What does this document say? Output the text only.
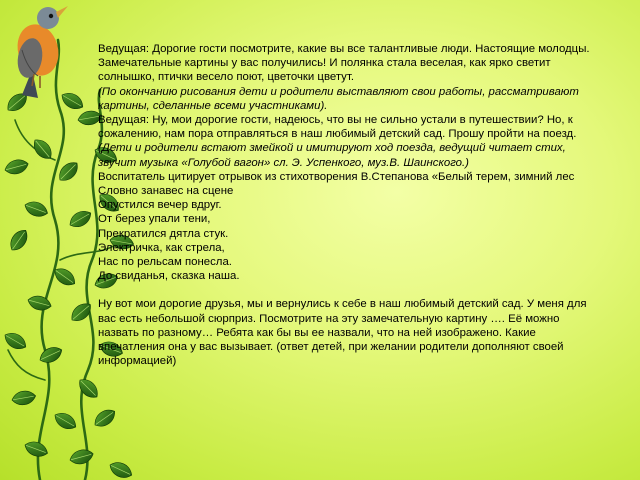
Ведущая: Дорогие гости посмотрите, какие вы все талантливые люди. Настоящие молодцы. Замечательные картины у вас получились! И полянка стала веселая, как ярко светит солнышко, птички весело поют, цветочки цветут.

(По окончанию рисования дети и родители выставляют свои работы, рассматривают картины, сделанные всеми участниками).

Ведущая: Ну, мои дорогие гости, надеюсь, что вы не сильно устали в путешествии? Но, к сожалению, нам пора отправляться в наш любимый детский сад. Прошу пройти на поезд.

(Дети и родители встают змейкой и имитируют ход поезда, ведущий читает стих, звучит музыка «Голубой вагон» сл. Э. Успенкого, муз.В. Шаинского.)

Воспитатель цитирует отрывок из стихотворения В.Степанова «Белый терем, зимний лес

Словно занавес на сцене

Опустился вечер вдруг.

От берез упали тени,

Прекратился дятла стук.

Электричка, как стрела,

Нас по рельсам понесла.

До свиданья, сказка наша.

Ну вот мои дорогие друзья, мы и вернулись к себе в наш любимый детский сад. У меня для вас есть небольшой сюрприз. Посмотрите на эту замечательную картину …. Её можно назвать по разному… Ребята как бы вы ее назвали, что на ней изображено. Какие впечатления она у вас вызывает. (ответ детей, при желании родители дополняют своей информацией)
